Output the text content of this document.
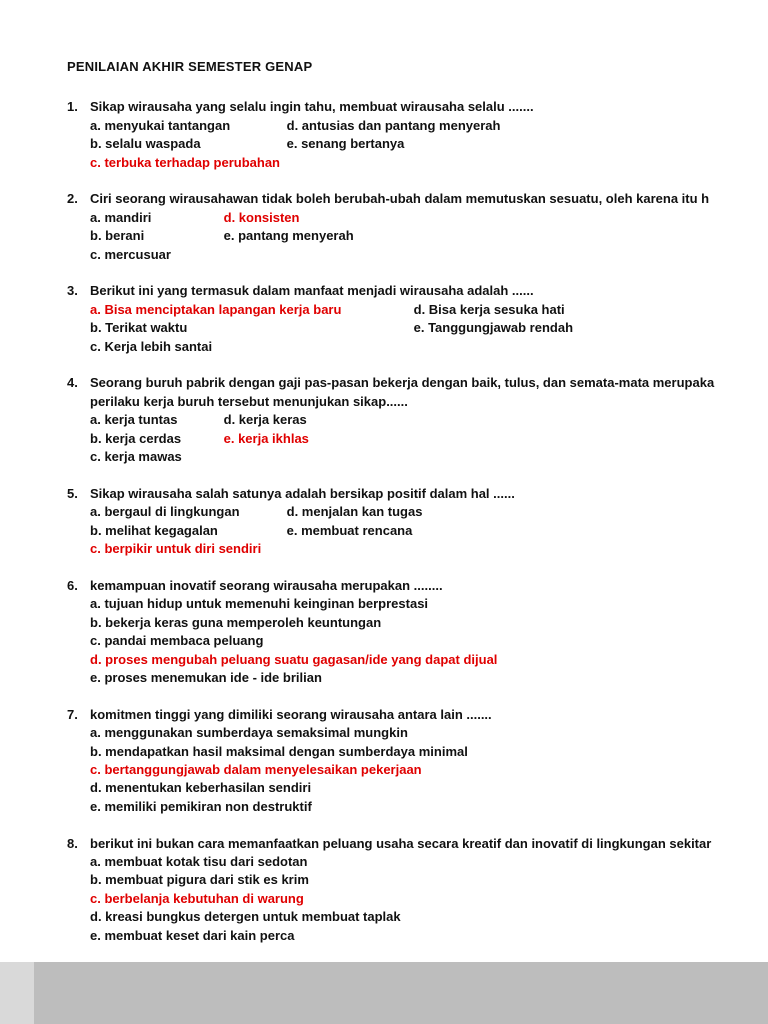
PENILAIAN AKHIR SEMESTER GENAP
1. Sikap wirausaha yang selalu ingin tahu, membuat wirausaha selalu .......
a. menyukai tantangan	d. antusias dan pantang menyerah
b. selalu waspada	e. senang bertanya
c. terbuka terhadap perubahan
2. Ciri seorang wirausahawan tidak boleh berubah-ubah dalam memutuskan sesuatu, oleh karena itu h
a. mandiri	d. konsisten
b. berani	e. pantang menyerah
c. mercusuar
3. Berikut ini yang termasuk dalam manfaat menjadi wirausaha adalah ......
a. Bisa menciptakan lapangan kerja baru	d. Bisa kerja sesuka hati
b. Terikat waktu	e. Tanggungjawab rendah
c. Kerja lebih santai
4. Seorang buruh pabrik dengan gaji pas-pasan bekerja dengan baik, tulus, dan semata-mata merupaka
perilaku kerja buruh tersebut menunjukan sikap......
a. kerja tuntas	d. kerja keras
b. kerja cerdas	e. kerja ikhlas
c. kerja mawas
5. Sikap wirausaha salah satunya adalah bersikap positif dalam hal ......
a. bergaul di lingkungan	d. menjalan kan tugas
b. melihat kegagalan	e. membuat rencana
c. berpikir untuk diri sendiri
6. kemampuan inovatif seorang wirausaha merupakan ........
a. tujuan hidup untuk memenuhi keinginan berprestasi
b. bekerja keras guna memperoleh keuntungan
c. pandai membaca peluang
d. proses mengubah peluang suatu gagasan/ide yang dapat dijual
e. proses menemukan ide - ide brilian
7. komitmen tinggi yang dimiliki seorang wirausaha antara lain .......
a. menggunakan sumberdaya semaksimal mungkin
b. mendapatkan hasil maksimal dengan sumberdaya minimal
c. bertanggungjawab dalam menyelesaikan pekerjaan
d. menentukan keberhasilan sendiri
e. memiliki pemikiran non destruktif
8. berikut ini bukan cara memanfaatkan peluang usaha secara kreatif dan inovatif di lingkungan sekitar
a. membuat kotak tisu dari sedotan
b. membuat pigura dari stik es krim
c. berbelanja kebutuhan di warung
d. kreasi bungkus detergen untuk membuat taplak
e. membuat keset dari kain perca
